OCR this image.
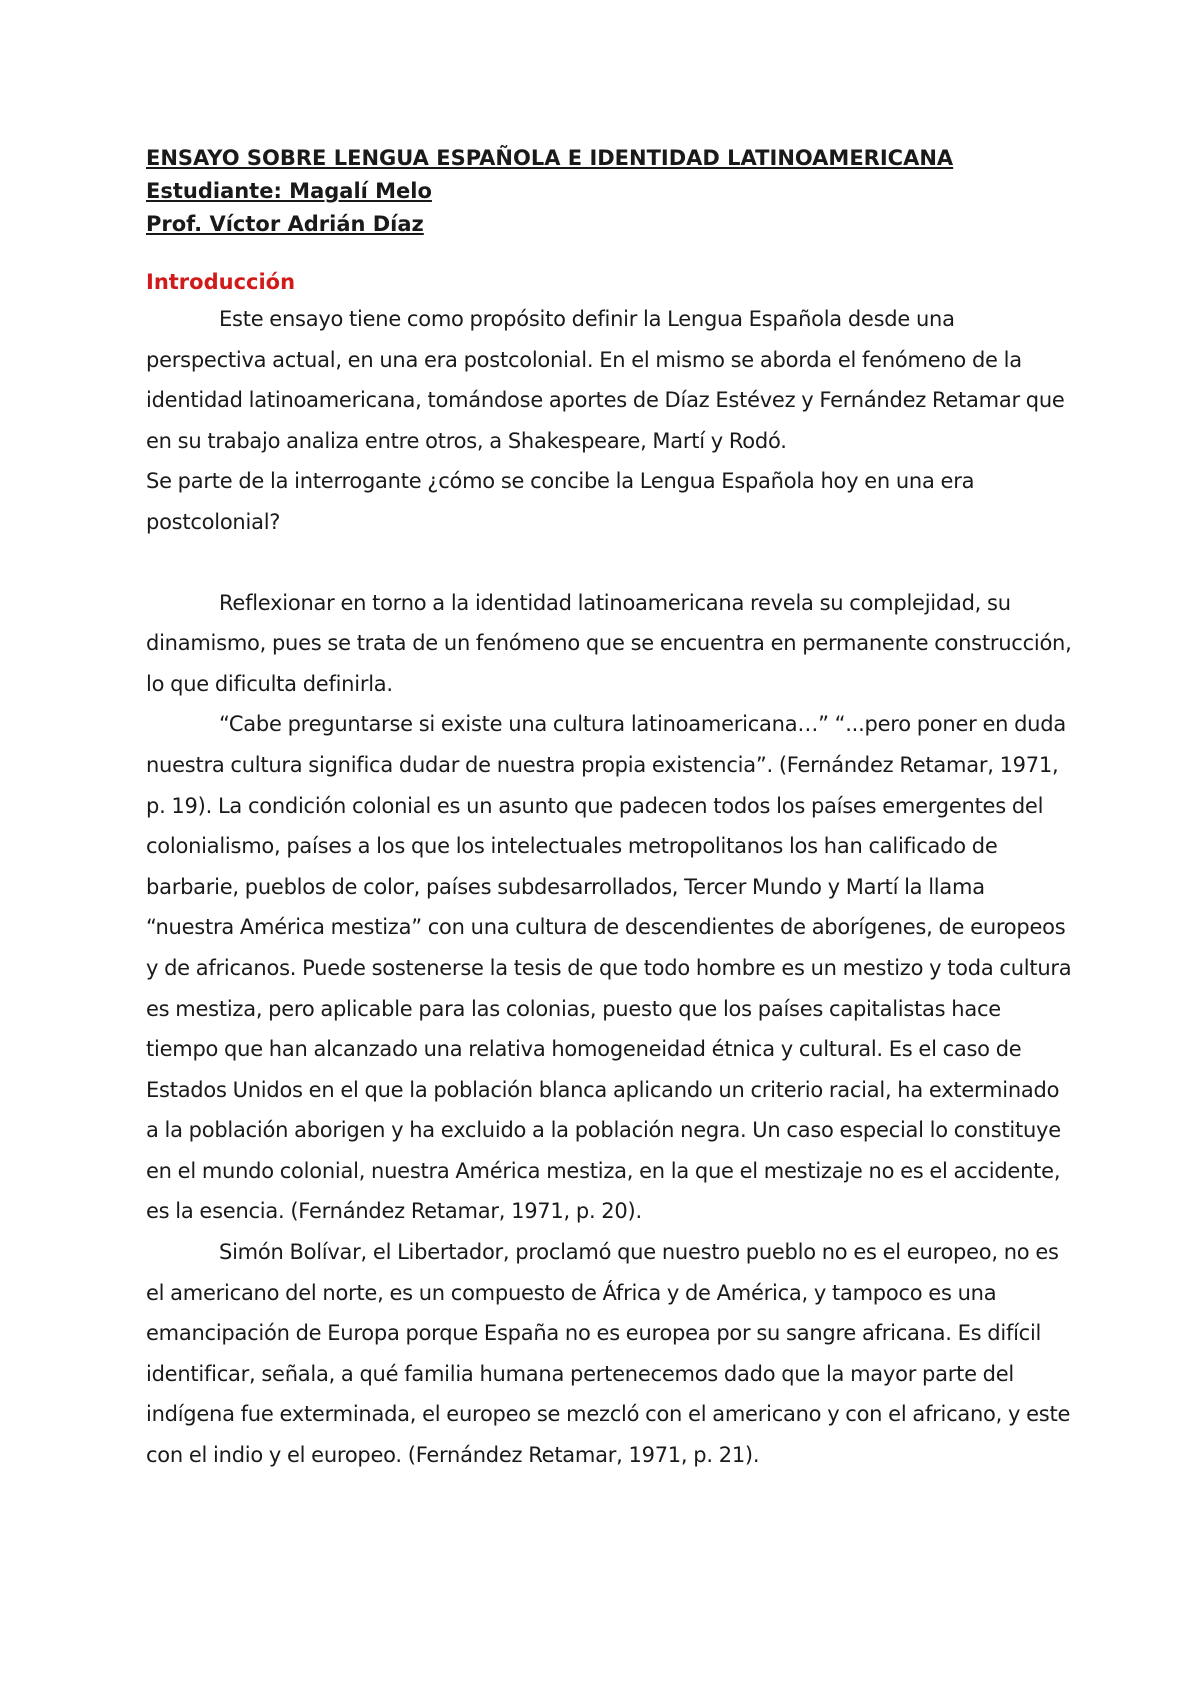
ENSAYO SOBRE LENGUA ESPAÑOLA E IDENTIDAD LATINOAMERICANA
Estudiante: Magalí Melo
Prof. Víctor Adrián Díaz
Introducción

Este ensayo tiene como propósito definir la Lengua Española desde una perspectiva actual, en una era postcolonial. En el mismo se aborda el fenómeno de la identidad latinoamericana, tomándose aportes de Díaz Estévez y Fernández Retamar que en su trabajo analiza entre otros, a Shakespeare, Martí y Rodó.

Se parte de la interrogante ¿cómo se concibe la Lengua Española hoy en una era postcolonial?

Reflexionar en torno a la identidad latinoamericana revela su complejidad, su dinamismo, pues se trata de un fenómeno que se encuentra en permanente construcción, lo que dificulta definirla.

“Cabe preguntarse si existe una cultura latinoamericana…” “...pero poner en duda nuestra cultura significa dudar de nuestra propia existencia”. (Fernández Retamar, 1971, p. 19). La condición colonial es un asunto que padecen todos los países emergentes del colonialismo, países a los que los intelectuales metropolitanos los han calificado de barbarie, pueblos de color, países subdesarrollados, Tercer Mundo y Martí la llama “nuestra América mestiza” con una cultura de descendientes de aborígenes, de europeos y de africanos. Puede sostenerse la tesis de que todo hombre es un mestizo y toda cultura es mestiza, pero aplicable para las colonias, puesto que los países capitalistas hace tiempo que han alcanzado una relativa homogeneidad étnica y cultural. Es el caso de Estados Unidos en el que la población blanca aplicando un criterio racial, ha exterminado a la población aborigen y ha excluido a la población negra. Un caso especial lo constituye en el mundo colonial, nuestra América mestiza, en la que el mestizaje no es el accidente, es la esencia. (Fernández Retamar, 1971, p. 20).

Simón Bolívar, el Libertador, proclamó que nuestro pueblo no es el europeo, no es el americano del norte, es un compuesto de África y de América, y tampoco es una emancipación de Europa porque España no es europea por su sangre africana. Es difícil identificar, señala, a qué familia humana pertenecemos dado que la mayor parte del indígena fue exterminada, el europeo se mezcló con el americano y con el africano, y este con el indio y el europeo. (Fernández Retamar, 1971, p. 21).
